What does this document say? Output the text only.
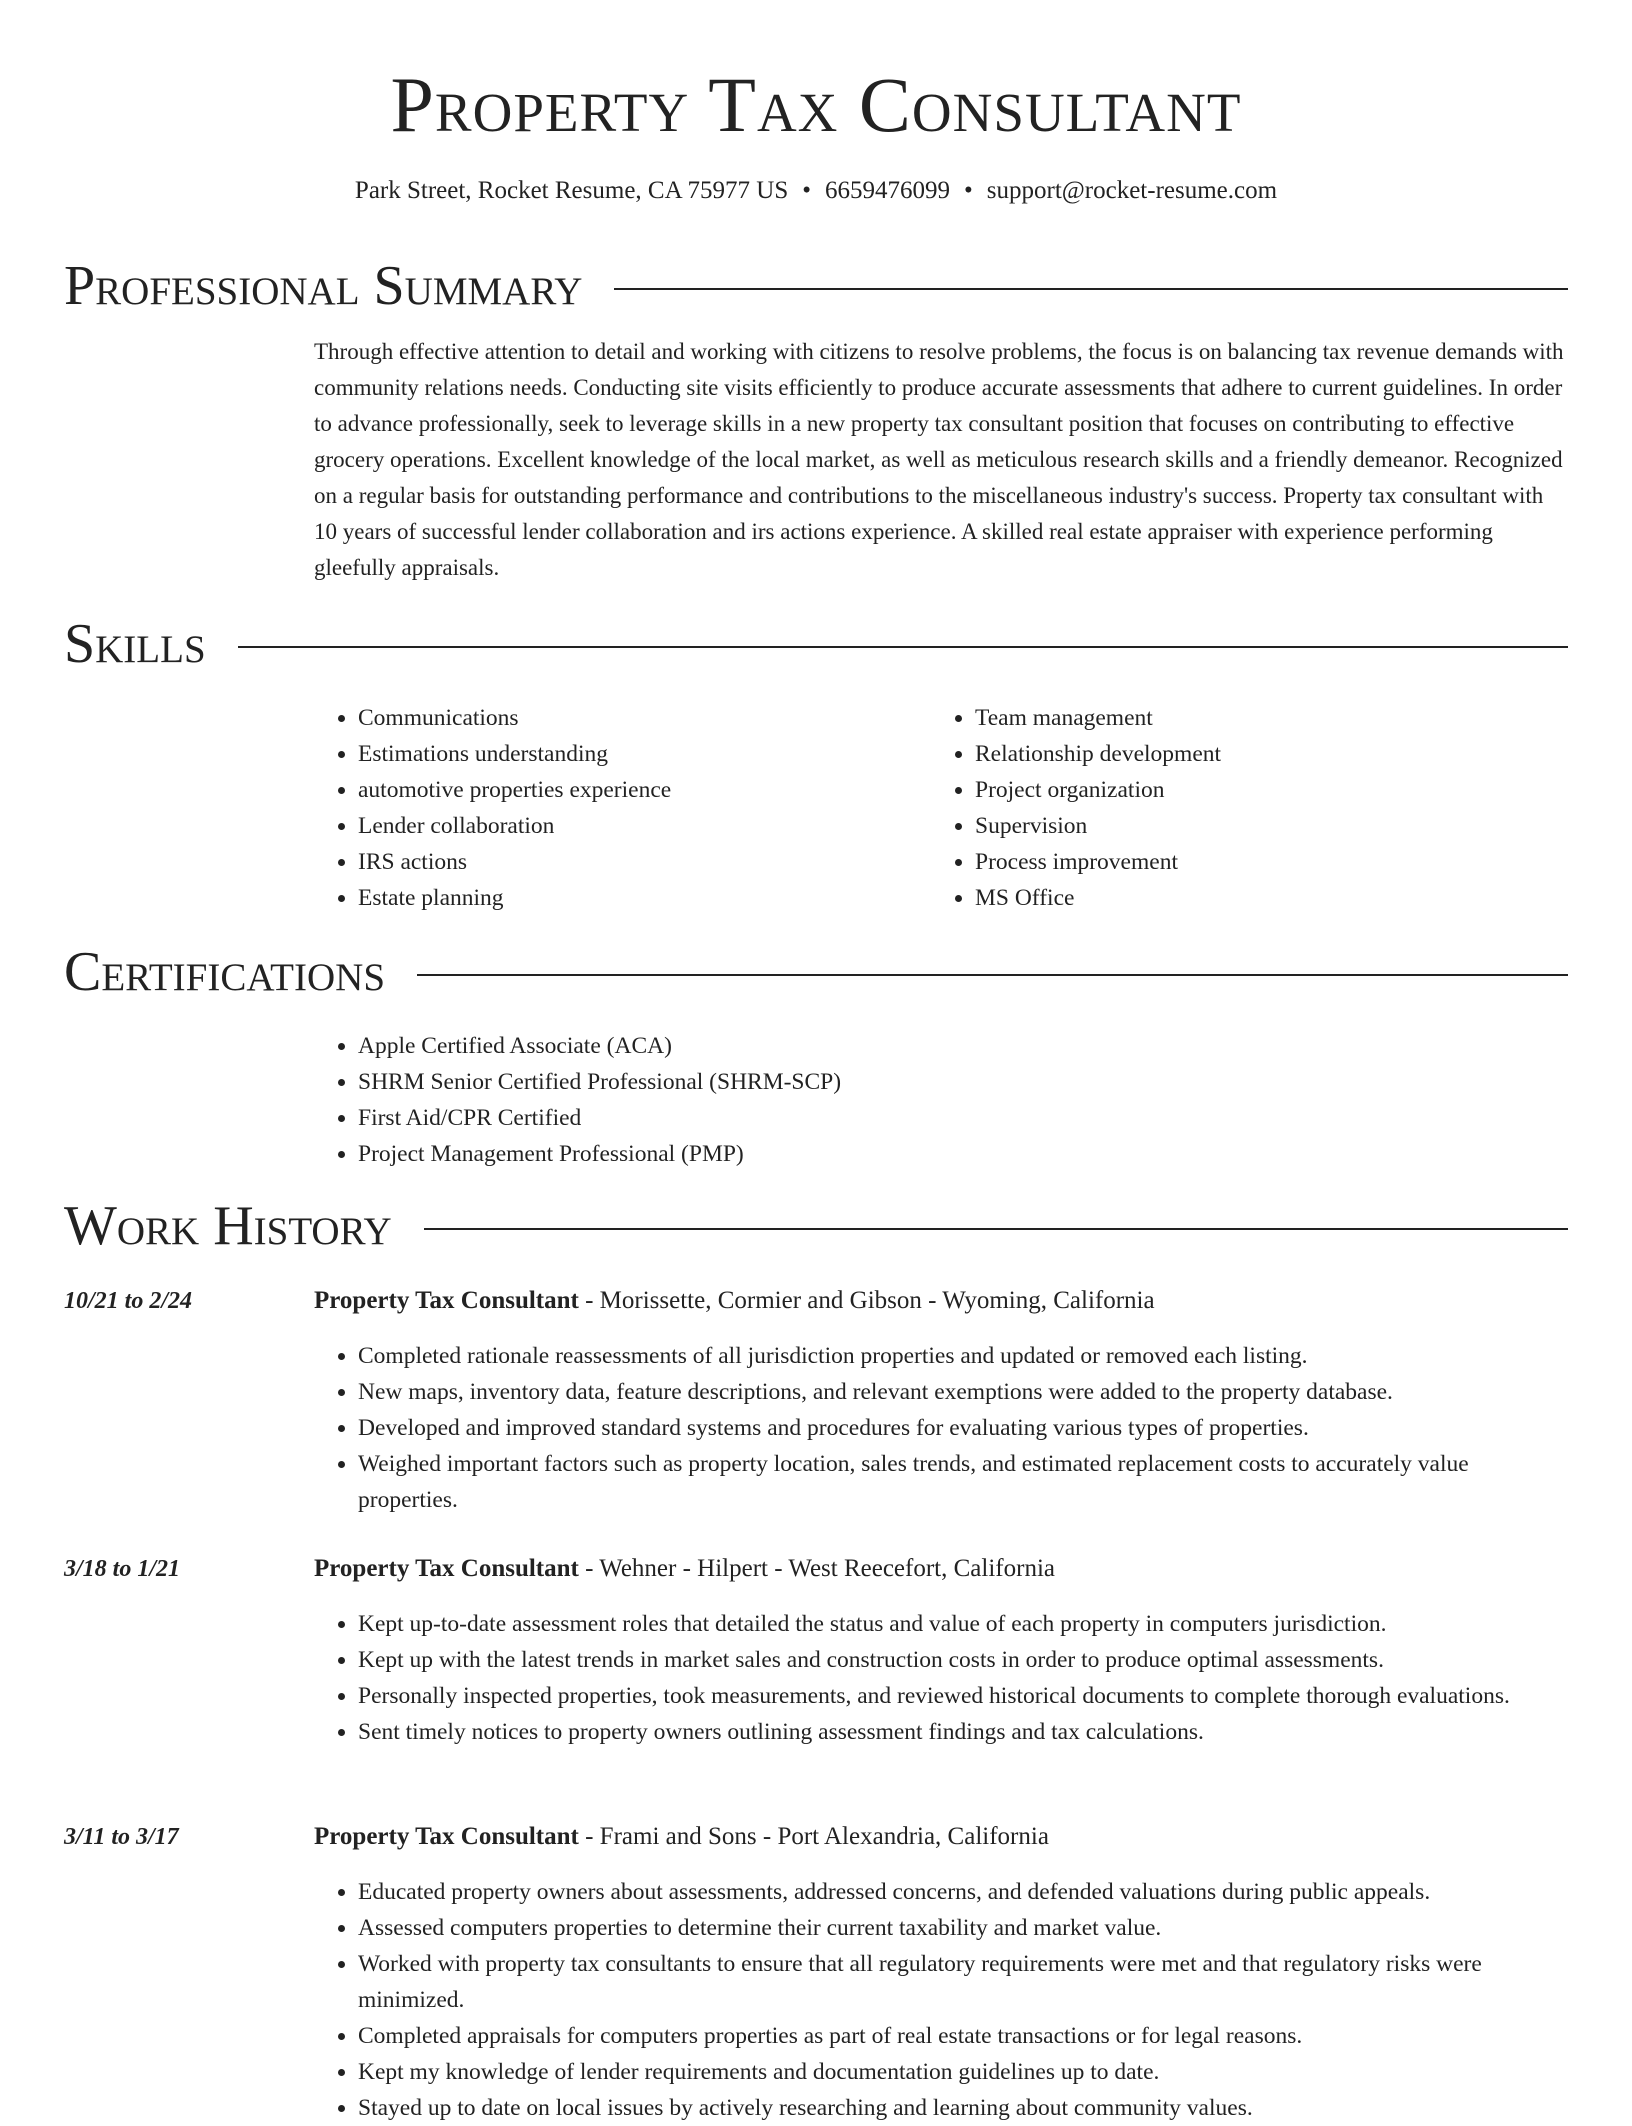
Property Tax Consultant
Park Street, Rocket Resume, CA 75977 US • 6659476099 • support@rocket-resume.com
Professional Summary
Through effective attention to detail and working with citizens to resolve problems, the focus is on balancing tax revenue demands with community relations needs. Conducting site visits efficiently to produce accurate assessments that adhere to current guidelines. In order to advance professionally, seek to leverage skills in a new property tax consultant position that focuses on contributing to effective grocery operations. Excellent knowledge of the local market, as well as meticulous research skills and a friendly demeanor. Recognized on a regular basis for outstanding performance and contributions to the miscellaneous industry's success. Property tax consultant with 10 years of successful lender collaboration and irs actions experience. A skilled real estate appraiser with experience performing gleefully appraisals.
Skills
• Communications
• Estimations understanding
• automotive properties experience
• Lender collaboration
• IRS actions
• Estate planning
• Team management
• Relationship development
• Project organization
• Supervision
• Process improvement
• MS Office
Certifications
• Apple Certified Associate (ACA)
• SHRM Senior Certified Professional (SHRM-SCP)
• First Aid/CPR Certified
• Project Management Professional (PMP)
Work History
10/21 to 2/24	Property Tax Consultant - Morissette, Cormier and Gibson - Wyoming, California
• Completed rationale reassessments of all jurisdiction properties and updated or removed each listing.
• New maps, inventory data, feature descriptions, and relevant exemptions were added to the property database.
• Developed and improved standard systems and procedures for evaluating various types of properties.
• Weighed important factors such as property location, sales trends, and estimated replacement costs to accurately value properties.
3/18 to 1/21	Property Tax Consultant - Wehner - Hilpert - West Reecefort, California
• Kept up-to-date assessment roles that detailed the status and value of each property in computers jurisdiction.
• Kept up with the latest trends in market sales and construction costs in order to produce optimal assessments.
• Personally inspected properties, took measurements, and reviewed historical documents to complete thorough evaluations.
• Sent timely notices to property owners outlining assessment findings and tax calculations.
3/11 to 3/17	Property Tax Consultant - Frami and Sons - Port Alexandria, California
• Educated property owners about assessments, addressed concerns, and defended valuations during public appeals.
• Assessed computers properties to determine their current taxability and market value.
• Worked with property tax consultants to ensure that all regulatory requirements were met and that regulatory risks were minimized.
• Completed appraisals for computers properties as part of real estate transactions or for legal reasons.
• Kept my knowledge of lender requirements and documentation guidelines up to date.
• Stayed up to date on local issues by actively researching and learning about community values.
